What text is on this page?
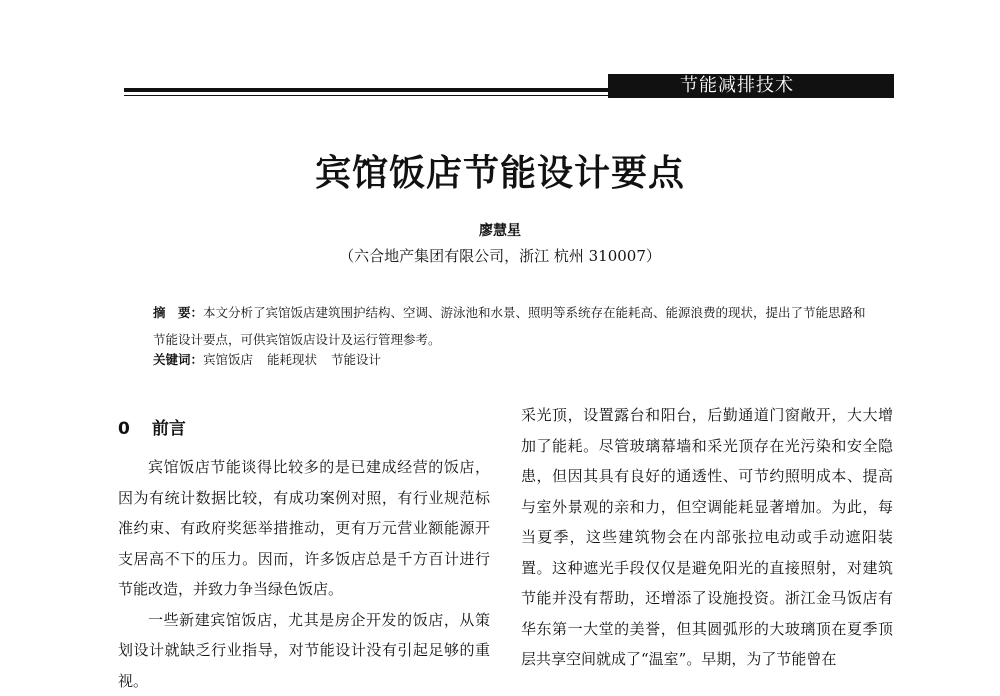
节能减排技术
宾馆饭店节能设计要点
廖慧星
（六合地产集团有限公司，浙江 杭州 310007）
摘　要：本文分析了宾馆饭店建筑围护结构、空调、游泳池和水景、照明等系统存在能耗高、能源浪费的现状，提出了节能思路和节能设计要点，可供宾馆饭店设计及运行管理参考。
关键词：宾馆饭店 能耗现状 节能设计
0 前言

宾馆饭店节能谈得比较多的是已建成经营的饭店，因为有统计数据比较，有成功案例对照，有行业规范标准约束、有政府奖惩举措推动，更有万元营业额能源开支居高不下的压力。因而，许多饭店总是千方百计进行节能改造，并致力争当绿色饭店。

一些新建宾馆饭店，尤其是房企开发的饭店，从策划设计就缺乏行业指导，对节能设计没有引起足够的重视。

采光顶，设置露台和阳台，后勤通道门窗敞开，大大增加了能耗。尽管玻璃幕墙和采光顶存在光污染和安全隐患，但因其具有良好的通透性、可节约照明成本、提高与室外景观的亲和力，但空调能耗显著增加。为此，每当夏季，这些建筑物会在内部张拉电动或手动遮阳装置。这种遮光手段仅仅是避免阳光的直接照射，对建筑节能并没有帮助，还增添了设施投资。浙江金马饭店有华东第一大堂的美誉，但其圆弧形的大玻璃顶在夏季顶层共享空间就成了“温室”。早期，为了节能曾在
